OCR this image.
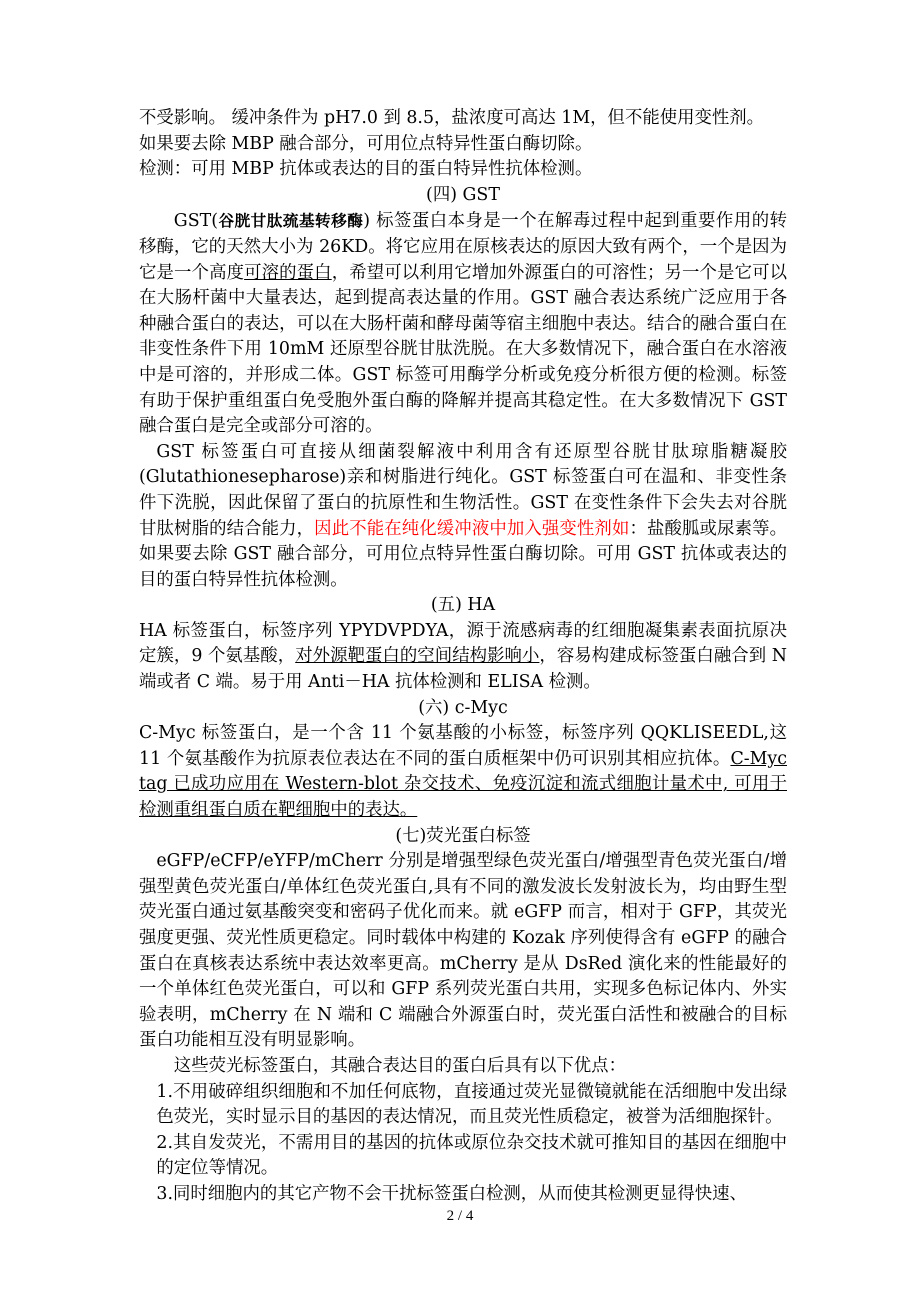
不受影响。 缓冲条件为 pH7.0 到 8.5，盐浓度可高达 1M，但不能使用变性剂。

如果要去除 MBP 融合部分，可用位点特异性蛋白酶切除。

检测：可用 MBP 抗体或表达的目的蛋白特异性抗体检测。

(四) GST

GST(谷胱甘肽巯基转移酶) 标签蛋白本身是一个在解毒过程中起到重要作用的转移酶，它的天然大小为 26KD。将它应用在原核表达的原因大致有两个，一个是因为它是一个高度可溶的蛋白，希望可以利用它增加外源蛋白的可溶性；另一个是它可以在大肠杆菌中大量表达，起到提高表达量的作用。GST 融合表达系统广泛应用于各种融合蛋白的表达，可以在大肠杆菌和酵母菌等宿主细胞中表达。结合的融合蛋白在非变性条件下用 10mM 还原型谷胱甘肽洗脱。在大多数情况下，融合蛋白在水溶液中是可溶的，并形成二体。GST 标签可用酶学分析或免疫分析很方便的检测。标签有助于保护重组蛋白免受胞外蛋白酶的降解并提高其稳定性。在大多数情况下 GST 融合蛋白是完全或部分可溶的。

GST 标签蛋白可直接从细菌裂解液中利用含有还原型谷胱甘肽琼脂糖凝胶(Glutathionesepharose)亲和树脂进行纯化。GST 标签蛋白可在温和、非变性条件下洗脱，因此保留了蛋白的抗原性和生物活性。GST 在变性条件下会失去对谷胱甘肽树脂的结合能力，因此不能在纯化缓冲液中加入强变性剂如：盐酸胍或尿素等。如果要去除 GST 融合部分，可用位点特异性蛋白酶切除。可用 GST 抗体或表达的目的蛋白特异性抗体检测。

(五) HA

HA 标签蛋白，标签序列 YPYDVPDYA，源于流感病毒的红细胞凝集素表面抗原决定簇，9 个氨基酸，对外源靶蛋白的空间结构影响小，容易构建成标签蛋白融合到 N 端或者 C 端。易于用 Anti－HA 抗体检测和 ELISA 检测。

(六) c-Myc

C-Myc 标签蛋白，是一个含 11 个氨基酸的小标签，标签序列 QQKLISEEDL,这 11 个氨基酸作为抗原表位表达在不同的蛋白质框架中仍可识别其相应抗体。C-Myc tag 已成功应用在 Western-blot 杂交技术、免疫沉淀和流式细胞计量术中, 可用于检测重组蛋白质在靶细胞中的表达。

(七)荧光蛋白标签

eGFP/eCFP/eYFP/mCherr 分别是增强型绿色荧光蛋白/增强型青色荧光蛋白/增强型黄色荧光蛋白/单体红色荧光蛋白,具有不同的激发波长发射波长为，均由野生型荧光蛋白通过氨基酸突变和密码子优化而来。就 eGFP 而言，相对于 GFP，其荧光强度更强、荧光性质更稳定。同时载体中构建的 Kozak 序列使得含有 eGFP 的融合蛋白在真核表达系统中表达效率更高。mCherry 是从 DsRed 演化来的性能最好的一个单体红色荧光蛋白，可以和 GFP 系列荧光蛋白共用，实现多色标记体内、外实验表明，mCherry 在 N 端和 C 端融合外源蛋白时，荧光蛋白活性和被融合的目标蛋白功能相互没有明显影响。

这些荧光标签蛋白，其融合表达目的蛋白后具有以下优点：

1.不用破碎组织细胞和不加任何底物，直接通过荧光显微镜就能在活细胞中发出绿色荧光，实时显示目的基因的表达情况，而且荧光性质稳定，被誉为活细胞探针。

2.其自发荧光，不需用目的基因的抗体或原位杂交技术就可推知目的基因在细胞中的定位等情况。

3.同时细胞内的其它产物不会干扰标签蛋白检测，从而使其检测更显得快速、

2 / 4
